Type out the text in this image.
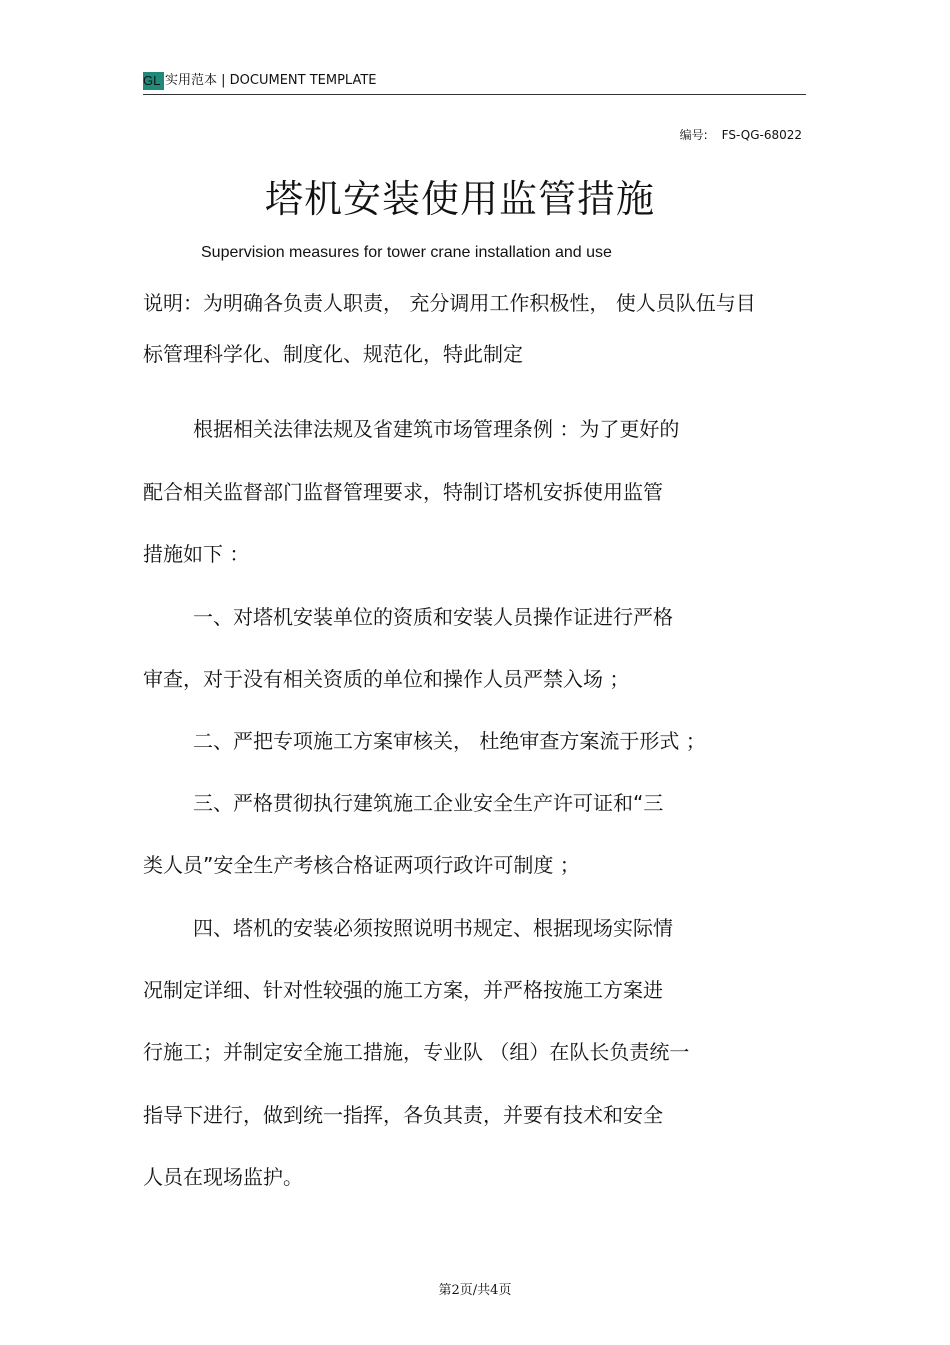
GL 实用范本 | DOCUMENT TEMPLATE
编号: FS-QG-68022
塔机安装使用监管措施
Supervision measures for tower crane installation and use
说明：为明确各负责人职责， 充分调用工作积极性， 使人员队伍与目
标管理科学化、制度化、规范化，特此制定
根据相关法律法规及省建筑市场管理条例 ：为了更好的
配合相关监督部门监督管理要求，特制订塔机安拆使用监管
措施如下 ：
一、对塔机安装单位的资质和安装人员操作证进行严格
审查，对于没有相关资质的单位和操作人员严禁入场 ；
二、严把专项施工方案审核关， 杜绝审查方案流于形式 ；
三、严格贯彻执行建筑施工企业安全生产许可证和“三
类人员”安全生产考核合格证两项行政许可制度 ；
四、塔机的安装必须按照说明书规定、根据现场实际情
况制定详细、针对性较强的施工方案，并严格按施工方案进
行施工；并制定安全施工措施，专业队 （组）在队长负责统一
指导下进行，做到统一指挥，各负其责，并要有技术和安全
人员在现场监护。
第2页/共4页
